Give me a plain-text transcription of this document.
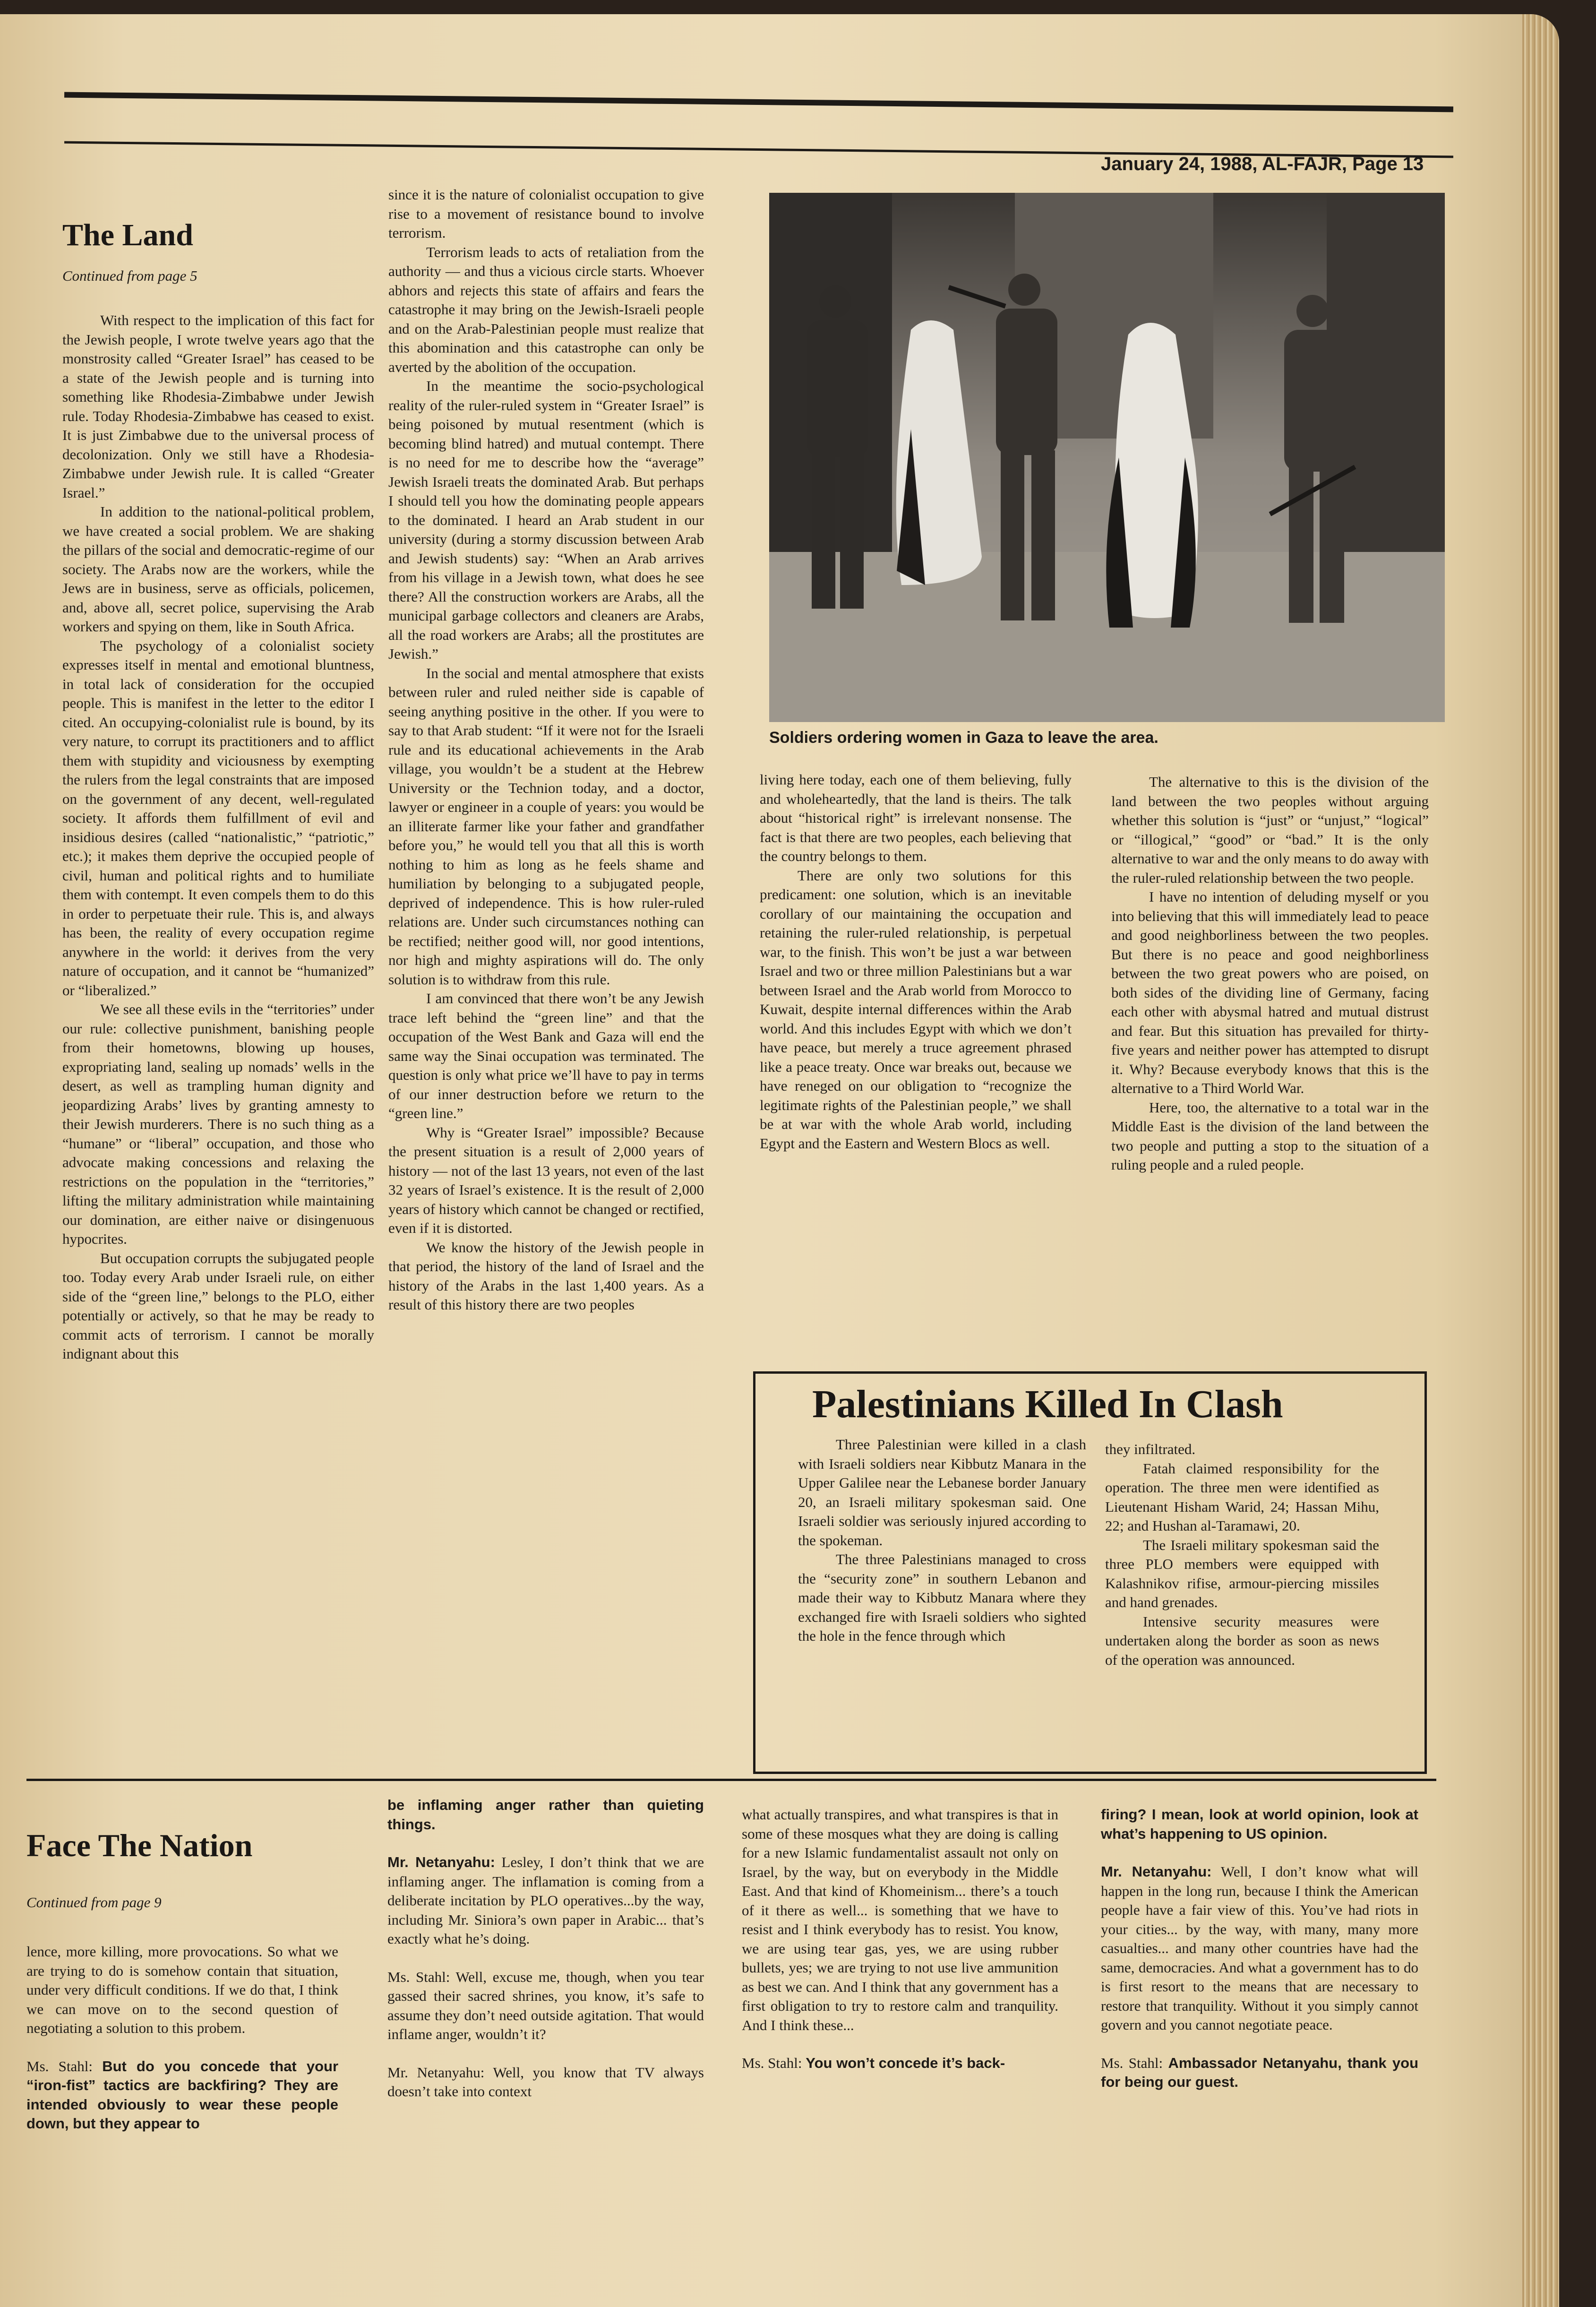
January 24, 1988, AL-FAJR, Page 13
The Land
Continued from page 5

With respect to the implication of this fact for the Jewish people, I wrote twelve years ago that the monstrosity called “Greater Israel” has ceased to be a state of the Jewish people and is turning into something like Rhodesia-Zimbabwe under Jewish rule. Today Rhodesia-Zimbabwe has ceased to exist. It is just Zimbabwe due to the universal process of decolonization. Only we still have a Rhodesia-Zimbabwe under Jewish rule. It is called “Greater Israel.”

In addition to the national-political problem, we have created a social problem. We are shaking the pillars of the social and democratic-regime of our society. The Arabs now are the workers, while the Jews are in business, serve as officials, policemen, and, above all, secret police, supervising the Arab workers and spying on them, like in South Africa.

The psychology of a colonialist society expresses itself in mental and emotional bluntness, in total lack of consideration for the occupied people. This is manifest in the letter to the editor I cited. An occupying-colonialist rule is bound, by its very nature, to corrupt its practitioners and to afflict them with stupidity and viciousness by exempting the rulers from the legal constraints that are imposed on the government of any decent, well-regulated society. It affords them fulfillment of evil and insidious desires (called “nationalistic,” “patriotic,” etc.); it makes them deprive the occupied people of civil, human and political rights and to humiliate them with contempt. It even compels them to do this in order to perpetuate their rule. This is, and always has been, the reality of every occupation regime anywhere in the world: it derives from the very nature of occupation, and it cannot be “humanized” or “liberalized.”

We see all these evils in the “territories” under our rule: collective punishment, banishing people from their hometowns, blowing up houses, expropriating land, sealing up nomads’ wells in the desert, as well as trampling human dignity and jeopardizing Arabs’ lives by granting amnesty to their Jewish murderers. There is no such thing as a “humane” or “liberal” occupation, and those who advocate making concessions and relaxing the restrictions on the population in the “territories,” lifting the military administration while maintaining our domination, are either naive or disingenuous hypocrites.

But occupation corrupts the subjugated people too. Today every Arab under Israeli rule, on either side of the “green line,” belongs to the PLO, either potentially or actively, so that he may be ready to commit acts of terrorism. I cannot be morally indignant about this

since it is the nature of colonialist occupation to give rise to a movement of resistance bound to involve terrorism.

Terrorism leads to acts of retaliation from the authority — and thus a vicious circle starts. Whoever abhors and rejects this state of affairs and fears the catastrophe it may bring on the Jewish-Israeli people and on the Arab-Palestinian people must realize that this abomination and this catastrophe can only be averted by the abolition of the occupation.

In the meantime the socio-psychological reality of the ruler-ruled system in “Greater Israel” is being poisoned by mutual resentment (which is becoming blind hatred) and mutual contempt. There is no need for me to describe how the “average” Jewish Israeli treats the dominated Arab. But perhaps I should tell you how the dominating people appears to the dominated. I heard an Arab student in our university (during a stormy discussion between Arab and Jewish students) say: “When an Arab arrives from his village in a Jewish town, what does he see there? All the construction workers are Arabs, all the municipal garbage collectors and cleaners are Arabs, all the road workers are Arabs; all the prostitutes are Jewish.”

In the social and mental atmosphere that exists between ruler and ruled neither side is capable of seeing anything positive in the other. If you were to say to that Arab student: “If it were not for the Israeli rule and its educational achievements in the Arab village, you wouldn’t be a student at the Hebrew University or the Technion today, and a doctor, lawyer or engineer in a couple of years: you would be an illiterate farmer like your father and grandfather before you,” he would tell you that all this is worth nothing to him as long as he feels shame and humiliation by belonging to a subjugated people, deprived of independence. This is how ruler-ruled relations are. Under such circumstances nothing can be rectified; neither good will, nor good intentions, nor high and mighty aspirations will do. The only solution is to withdraw from this rule.

I am convinced that there won’t be any Jewish trace left behind the “green line” and that the occupation of the West Bank and Gaza will end the same way the Sinai occupation was terminated. The question is only what price we’ll have to pay in terms of our inner destruction before we return to the “green line.”

Why is “Greater Israel” impossible? Because the present situation is a result of 2,000 years of history — not of the last 13 years, not even of the last 32 years of Israel’s existence. It is the result of 2,000 years of history which cannot be changed or rectified, even if it is distorted.

We know the history of the Jewish people in that period, the history of the land of Israel and the history of the Arabs in the last 1,400 years. As a result of this history there are two peoples

Soldiers ordering women in Gaza to leave the area.

living here today, each one of them believing, fully and wholeheartedly, that the land is theirs. The talk about “historical right” is irrelevant nonsense. The fact is that there are two peoples, each believing that the country belongs to them.

There are only two solutions for this predicament: one solution, which is an inevitable corollary of our maintaining the occupation and retaining the ruler-ruled relationship, is perpetual war, to the finish. This won’t be just a war between Israel and two or three million Palestinians but a war between Israel and the Arab world from Morocco to Kuwait, despite internal differences within the Arab world. And this includes Egypt with which we don’t have peace, but merely a truce agreement phrased like a peace treaty. Once war breaks out, because we have reneged on our obligation to “recognize the legitimate rights of the Palestinian people,” we shall be at war with the whole Arab world, including Egypt and the Eastern and Western Blocs as well.

The alternative to this is the division of the land between the two peoples without arguing whether this solution is “just” or “unjust,” “logical” or “illogical,” “good” or “bad.” It is the only alternative to war and the only means to do away with the ruler-ruled relationship between the two people.

I have no intention of deluding myself or you into believing that this will immediately lead to peace and good neighborliness between the two peoples. But there is no peace and good neighborliness between the two great powers who are poised, on both sides of the dividing line of Germany, facing each other with abysmal hatred and mutual distrust and fear. But this situation has prevailed for thirty-five years and neither power has attempted to disrupt it. Why? Because everybody knows that this is the alternative to a Third World War.

Here, too, the alternative to a total war in the Middle East is the division of the land between the two people and putting a stop to the situation of a ruling people and a ruled people.

Palestinians Killed In Clash

Three Palestinian were killed in a clash with Israeli soldiers near Kibbutz Manara in the Upper Galilee near the Lebanese border January 20, an Israeli military spokesman said. One Israeli soldier was seriously injured according to the spokeman.

The three Palestinians managed to cross the “security zone” in southern Lebanon and made their way to Kibbutz Manara where they exchanged fire with Israeli soldiers who sighted the hole in the fence through which

they infiltrated.

Fatah claimed responsibility for the operation. The three men were identified as Lieutenant Hisham Warid, 24; Hassan Mihu, 22; and Hushan al-Taramawi, 20.

The Israeli military spokesman said the three PLO members were equipped with Kalashnikov rifise, armour-piercing missiles and hand grenades.

Intensive security measures were undertaken along the border as soon as news of the operation was announced.

Face The Nation
Continued from page 9

lence, more killing, more provocations. So what we are trying to do is somehow contain that situation, under very difficult conditions. If we do that, I think we can move on to the second question of negotiating a solution to this probem.

Ms. Stahl: But do you concede that your “iron-fist” tactics are backfiring? They are intended obviously to wear these people down, but they appear to

be inflaming anger rather than quieting things.

Mr. Netanyahu: Lesley, I don’t think that we are inflaming anger. The inflamation is coming from a deliberate incitation by PLO operatives...by the way, including Mr. Siniora’s own paper in Arabic... that’s exactly what he’s doing.

Ms. Stahl: Well, excuse me, though, when you tear gassed their sacred shrines, you know, it’s safe to assume they don’t need outside agitation. That would inflame anger, wouldn’t it?

Mr. Netanyahu: Well, you know that TV always doesn’t take into context

what actually transpires, and what transpires is that in some of these mosques what they are doing is calling for a new Islamic fundamentalist assault not only on Israel, by the way, but on everybody in the Middle East. And that kind of Khomeinism... there’s a touch of it there as well... is something that we have to resist and I think everybody has to resist. You know, we are using tear gas, yes, we are using rubber bullets, yes; we are trying to not use live ammunition as best we can. And I think that any government has a first obligation to try to restore calm and tranquility. And I think these...

Ms. Stahl: You won’t concede it’s back-

firing? I mean, look at world opinion, look at what’s happening to US opinion.

Mr. Netanyahu: Well, I don’t know what will happen in the long run, because I think the American people have a fair view of this. You’ve had riots in your cities... by the way, with many, many more casualties... and many other countries have had the same, democracies. And what a government has to do is first resort to the means that are necessary to restore that tranquility. Without it you simply cannot govern and you cannot negotiate peace.

Ms. Stahl: Ambassador Netanyahu, thank you for being our guest.
